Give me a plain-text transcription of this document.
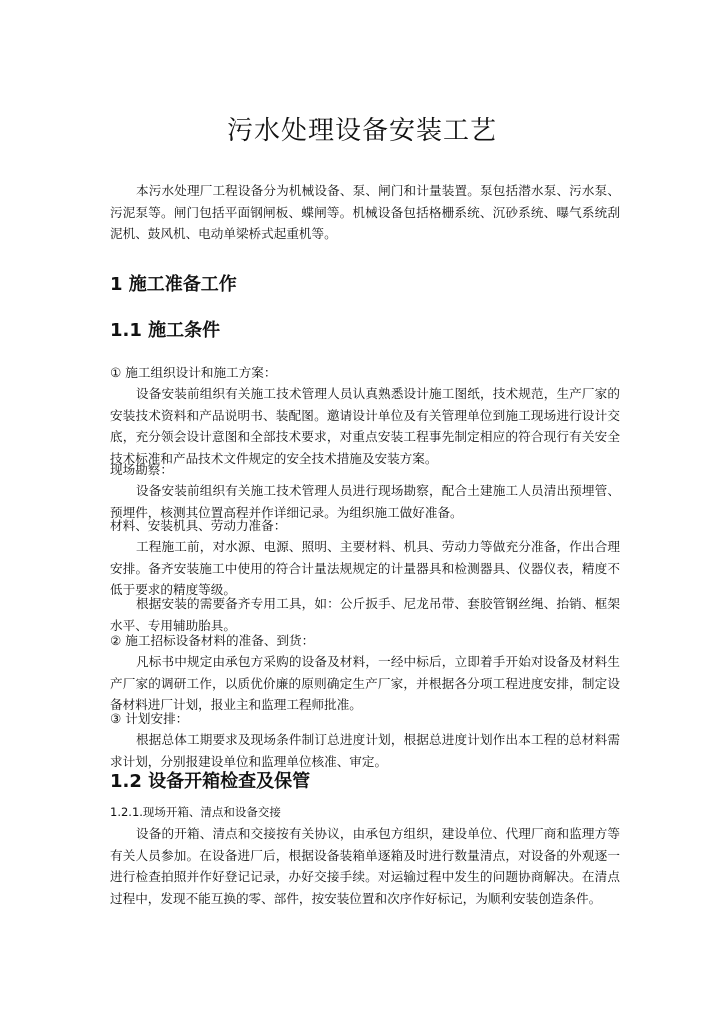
污水处理设备安装工艺

本污水处理厂工程设备分为机械设备、泵、闸门和计量装置。泵包括潜水泵、污水泵、污泥泵等。闸门包括平面钢闸板、蝶闸等。机械设备包括格栅系统、沉砂系统、曝气系统刮泥机、鼓风机、电动单梁桥式起重机等。

1 施工准备工作
1.1 施工条件

① 施工组织设计和施工方案：

设备安装前组织有关施工技术管理人员认真熟悉设计施工图纸，技术规范，生产厂家的安装技术资料和产品说明书、装配图。邀请设计单位及有关管理单位到施工现场进行设计交底，充分领会设计意图和全部技术要求，对重点安装工程事先制定相应的符合现行有关安全技术标准和产品技术文件规定的安全技术措施及安装方案。

现场勘察：

设备安装前组织有关施工技术管理人员进行现场勘察，配合土建施工人员清出预埋管、预埋件，核测其位置高程并作详细记录。为组织施工做好准备。

材料、安装机具、劳动力准备：

工程施工前，对水源、电源、照明、主要材料、机具、劳动力等做充分准备，作出合理安排。备齐安装施工中使用的符合计量法规规定的计量器具和检测器具、仪器仪表，精度不低于要求的精度等级。

根据安装的需要备齐专用工具，如：公斤扳手、尼龙吊带、套胶管钢丝绳、抬销、框架水平、专用辅助胎具。

② 施工招标设备材料的准备、到货：

凡标书中规定由承包方采购的设备及材料，一经中标后，立即着手开始对设备及材料生产厂家的调研工作，以质优价廉的原则确定生产厂家，并根据各分项工程进度安排，制定设备材料进厂计划，报业主和监理工程师批准。

③ 计划安排：

根据总体工期要求及现场条件制订总进度计划，根据总进度计划作出本工程的总材料需求计划，分别报建设单位和监理单位核准、审定。

1.2 设备开箱检查及保管

1.2.1.现场开箱、清点和设备交接

设备的开箱、清点和交接按有关协议，由承包方组织，建设单位、代理厂商和监理方等有关人员参加。在设备进厂后，根据设备装箱单逐箱及时进行数量清点，对设备的外观逐一进行检查拍照并作好登记记录，办好交接手续。对运输过程中发生的问题协商解决。在清点过程中，发现不能互换的零、部件，按安装位置和次序作好标记，为顺利安装创造条件。
